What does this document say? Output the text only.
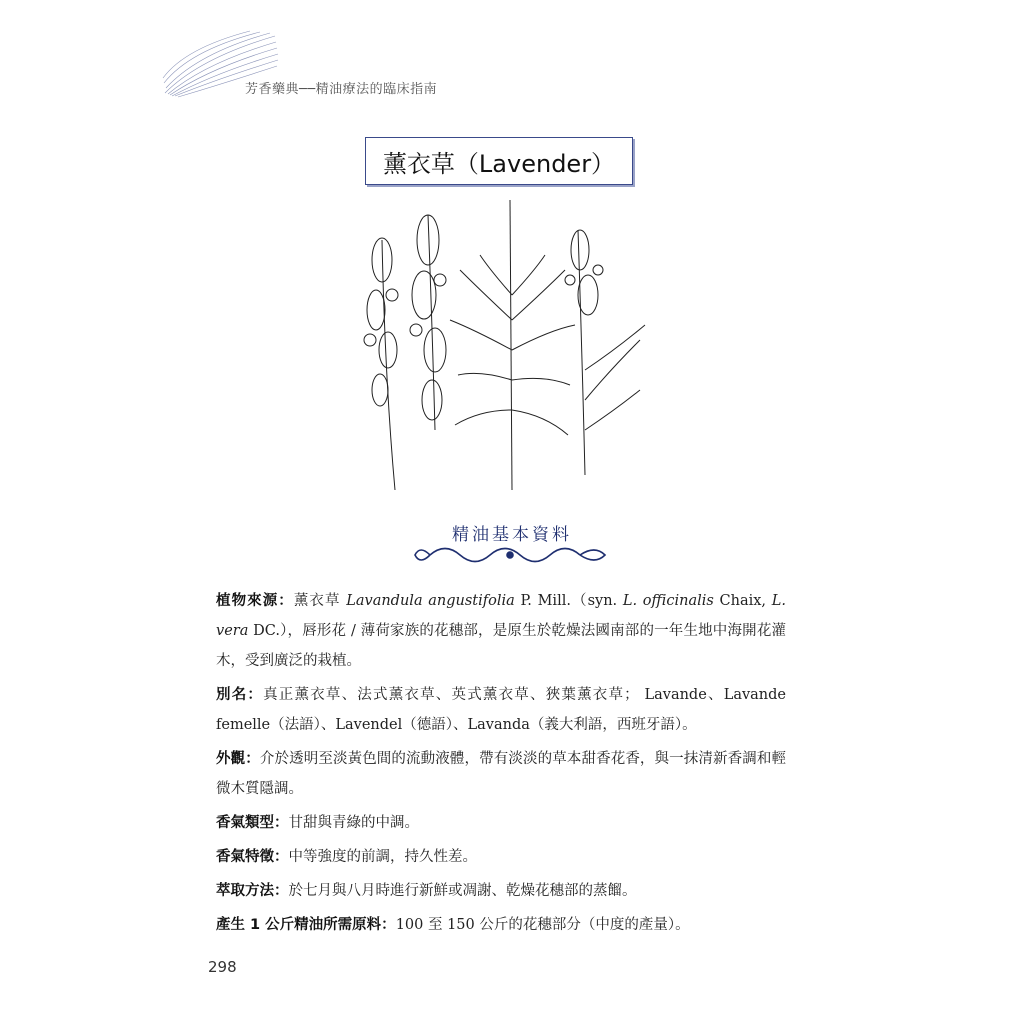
芳香藥典──精油療法的臨床指南
薰衣草（Lavender）
精油基本資料

植物來源：薰衣草 Lavandula angustifolia P. Mill.（syn. L. officinalis Chaix, L. vera DC.），唇形花 / 薄荷家族的花穗部，是原生於乾燥法國南部的一年生地中海開花灌木，受到廣泛的栽植。

別名：真正薰衣草、法式薰衣草、英式薰衣草、狹葉薰衣草； Lavande、Lavande femelle（法語）、Lavendel（德語）、Lavanda（義大利語，西班牙語）。

外觀：介於透明至淡黃色間的流動液體，帶有淡淡的草本甜香花香，與一抹清新香調和輕微木質隱調。

香氣類型：甘甜與青綠的中調。

香氣特徵：中等強度的前調，持久性差。

萃取方法：於七月與八月時進行新鮮或凋謝、乾燥花穗部的蒸餾。

產生 1 公斤精油所需原料：100 至 150 公斤的花穗部分（中度的產量）。

298
